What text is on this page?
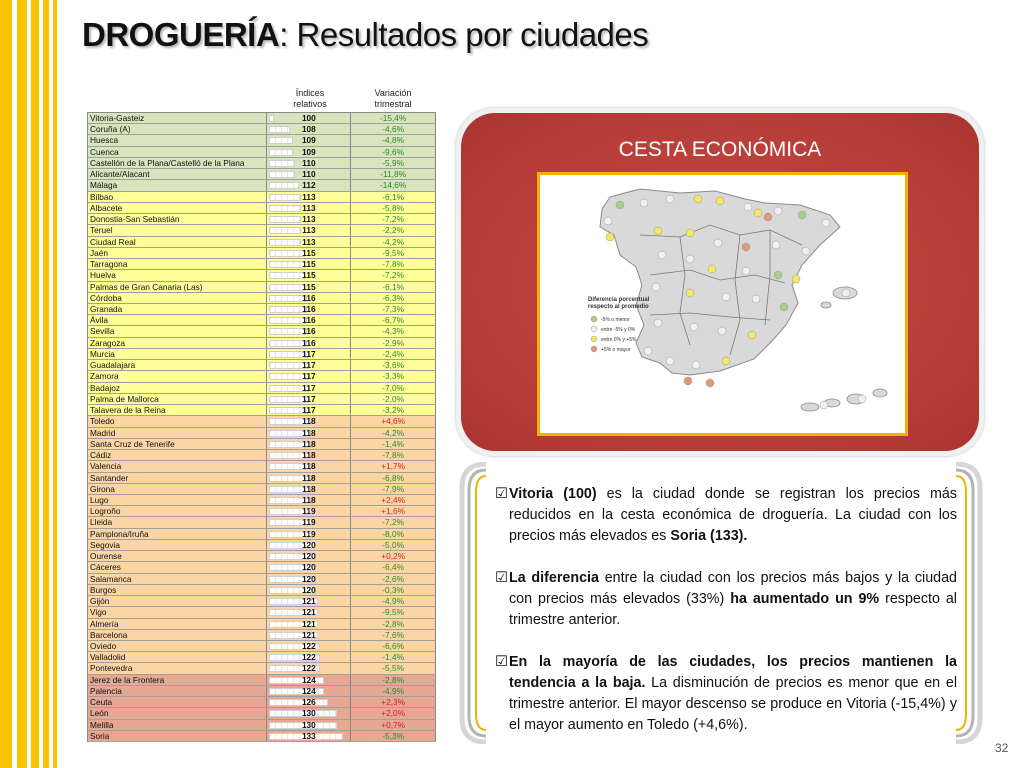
DROGUERÍA: Resultados por ciudades
Índices relativos
Variación trimestral
Vitoria-Gasteiz	100	-15,4%
Coruña (A)	108	-4,6%
Huesca	109	-4,8%
Cuenca	109	-9,6%
Castellón de la Plana/Castelló de la Plana	110	-5,9%
Alicante/Alacant	110	-11,8%
Málaga	112	-14,6%
Bilbao	113	-6,1%
Albacete	113	-5,8%
Donostia-San Sebastián	113	-7,2%
Teruel	113	-2,2%
Ciudad Real	113	-4,2%
Jaén	115	-9,5%
Tarragona	115	-7,8%
Huelva	115	-7,2%
Palmas de Gran Canaria (Las)	115	-6,1%
Córdoba	116	-6,3%
Granada	116	-7,3%
Ávila	116	-6,7%
Sevilla	116	-4,3%
Zaragoza	116	-2,9%
Murcia	117	-2,4%
Guadalajara	117	-3,6%
Zamora	117	-3,3%
Badajoz	117	-7,0%
Palma de Mallorca	117	-2,0%
Talavera de la Reina	117	-3,2%
Toledo	118	+4,6%
Madrid	118	-4,2%
Santa Cruz de Tenerife	118	-1,4%
Cádiz	118	-7,8%
Valencia	118	+1,7%
Santander	118	-6,8%
Girona	118	-7,9%
Lugo	118	+2,4%
Logroño	119	+1,6%
Lleida	119	-7,2%
Pamplona/Iruña	119	-8,0%
Segovia	120	-5,0%
Ourense	120	+0,2%
Cáceres	120	-6,4%
Salamanca	120	-2,6%
Burgos	120	-0,3%
Gijón	121	-4,9%
Vigo	121	-9,5%
Almería	121	-2,8%
Barcelona	121	-7,6%
Oviedo	122	-6,6%
Valladolid	122	-1,4%
Pontevedra	122	-5,5%
Jerez de la Frontera	124	-2,8%
Palencia	124	-4,9%
Ceuta	126	+2,3%
León	130	+2,0%
Melilla	130	+0,7%
Soria	133	-5,3%
CESTA ECONÓMICA
Diferencia porcentual
respecto al promedio
-5% o menor
entre -5% y 0%
entre 0% y +5%
+5% o mayor
☑ Vitoria (100) es la ciudad donde se registran los precios más reducidos en la cesta económica de droguería. La ciudad con los precios más elevados es Soria (133).
☑ La diferencia entre la ciudad con los precios más bajos y la ciudad con precios más elevados (33%) ha aumentado un 9% respecto al trimestre anterior.
☑ En la mayoría de las ciudades, los precios mantienen la tendencia a la baja. La disminución de precios es menor que en el trimestre anterior. El mayor descenso se produce en Vitoria (-15,4%) y el mayor aumento en Toledo (+4,6%).
32
